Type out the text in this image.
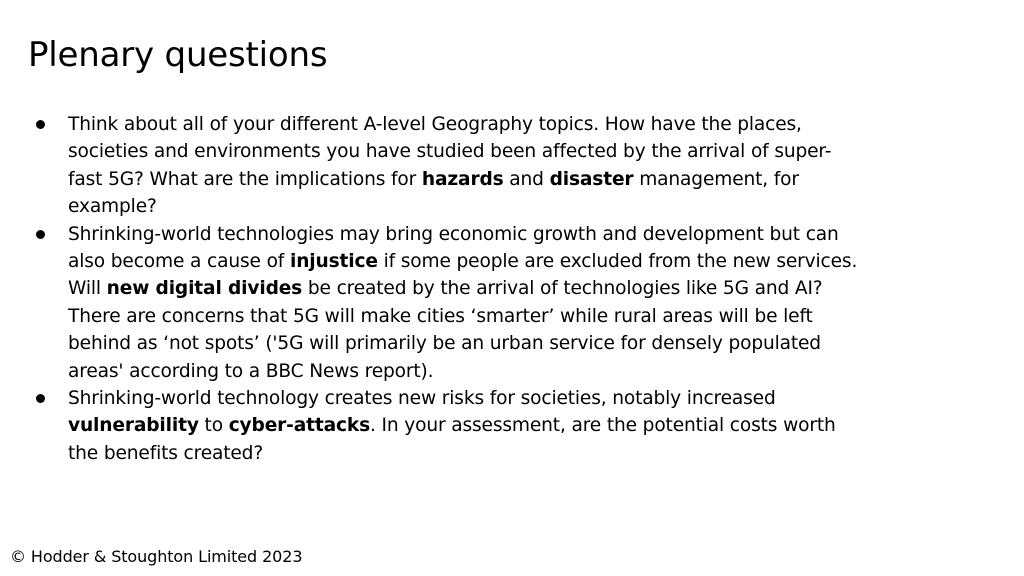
Plenary questions
Think about all of your different A-level Geography topics. How have the places, societies and environments you have studied been affected by the arrival of super-fast 5G? What are the implications for hazards and disaster management, for example?
Shrinking-world technologies may bring economic growth and development but can also become a cause of injustice if some people are excluded from the new services. Will new digital divides be created by the arrival of technologies like 5G and AI? There are concerns that 5G will make cities ‘smarter’ while rural areas will be left behind as ‘not spots’ ('5G will primarily be an urban service for densely populated areas' according to a BBC News report).
Shrinking-world technology creates new risks for societies, notably increased vulnerability to cyber-attacks. In your assessment, are the potential costs worth the benefits created?
© Hodder & Stoughton Limited 2023
